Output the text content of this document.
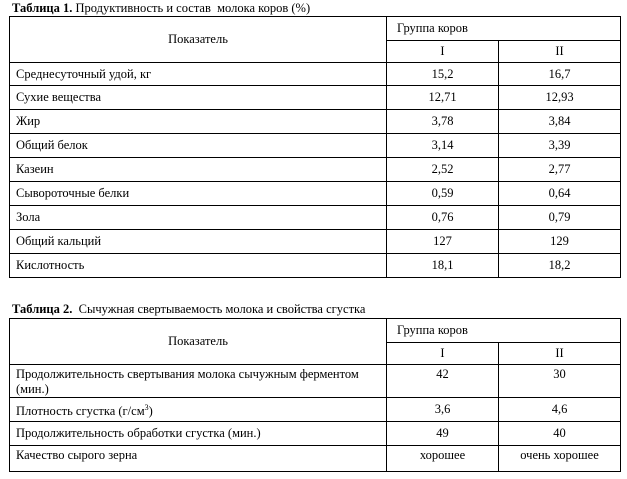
Таблица 1. Продуктивность и состав  молока коров (%)
Показатель	Группа коров	
	I	II
Среднесуточный удой, кг	15,2	16,7
Сухие вещества	12,71	12,93
Жир	3,78	3,84
Общий белок	3,14	3,39
Казеин	2,52	2,77
Сывороточные белки	0,59	0,64
Зола	0,76	0,79
Общий кальций	127	129
Кислотность	18,1	18,2
Таблица 2.  Сычужная свертываемость молока и свойства сгустка
Показатель	Группа коров	
	I	II
Продолжительность свертывания молока сычужным ферментом (мин.)	42	30
Плотность сгустка $(г/см^3)$	3,6	4,6
Продолжительность обработки сгустка (мин.)	49	40
Качество сырого зерна	хорошее	очень хорошее
